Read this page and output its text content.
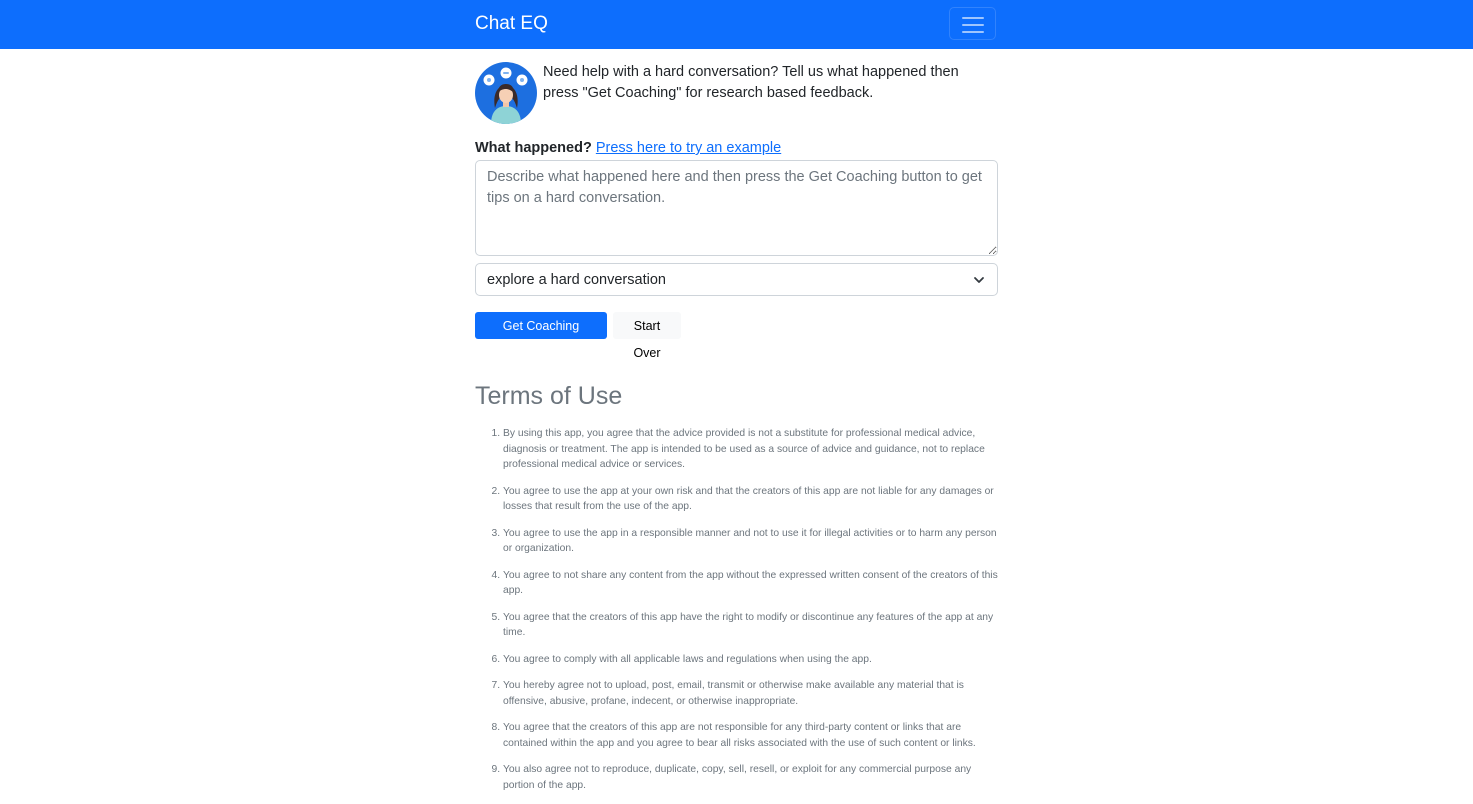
Chat EQ
Need help with a hard conversation? Tell us what happened then press "Get Coaching" for research based feedback.
What happened? Press here to try an example
Describe what happened here and then press the Get Coaching button to get tips on a hard conversation.
explore a hard conversation
Get Coaching	Start Over
Terms of Use
1. By using this app, you agree that the advice provided is not a substitute for professional medical advice, diagnosis or treatment. The app is intended to be used as a source of advice and guidance, not to replace professional medical advice or services.
2. You agree to use the app at your own risk and that the creators of this app are not liable for any damages or losses that result from the use of the app.
3. You agree to use the app in a responsible manner and not to use it for illegal activities or to harm any person or organization.
4. You agree to not share any content from the app without the expressed written consent of the creators of this app.
5. You agree that the creators of this app have the right to modify or discontinue any features of the app at any time.
6. You agree to comply with all applicable laws and regulations when using the app.
7. You hereby agree not to upload, post, email, transmit or otherwise make available any material that is offensive, abusive, profane, indecent, or otherwise inappropriate.
8. You agree that the creators of this app are not responsible for any third-party content or links that are contained within the app and you agree to bear all risks associated with the use of such content or links.
9. You also agree not to reproduce, duplicate, copy, sell, resell, or exploit for any commercial purpose any portion of the app.
